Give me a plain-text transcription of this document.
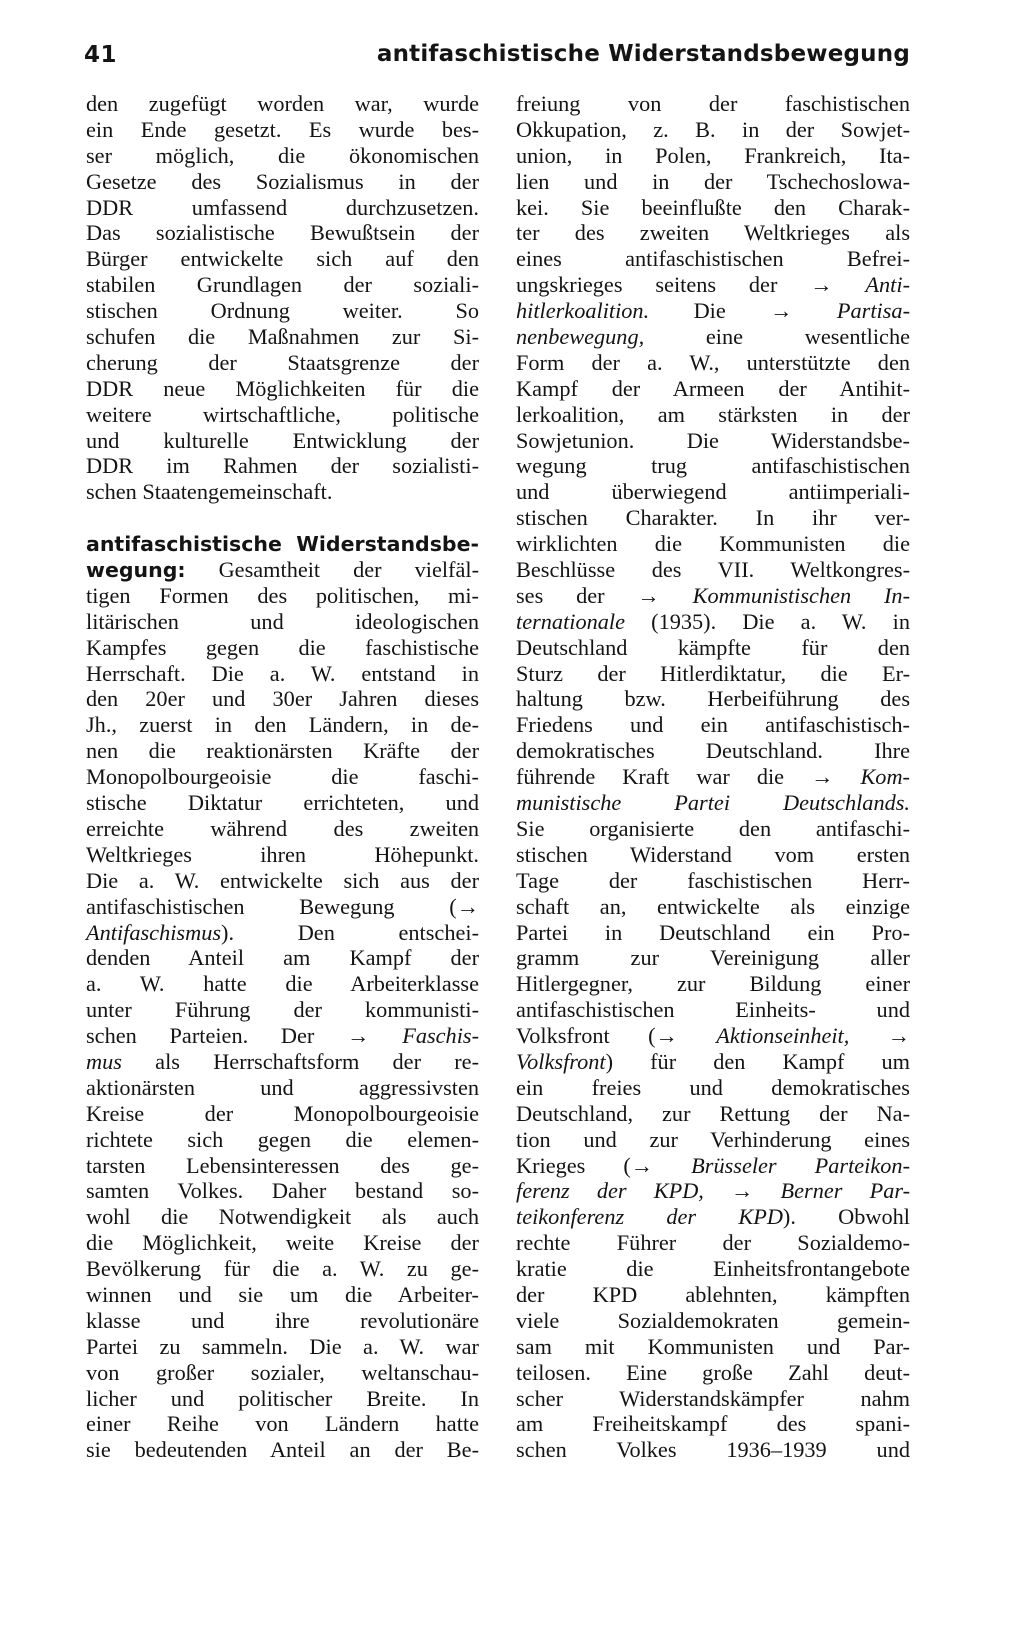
41	antifaschistische Widerstandsbewegung
den zugefügt worden war, wurde
ein Ende gesetzt. Es wurde bes-
ser möglich, die ökonomischen
Gesetze des Sozialismus in der
DDR umfassend durchzusetzen.
Das sozialistische Bewußtsein der
Bürger entwickelte sich auf den
stabilen Grundlagen der soziali-
stischen Ordnung weiter. So
schufen die Maßnahmen zur Si-
cherung der Staatsgrenze der
DDR neue Möglichkeiten für die
weitere wirtschaftliche, politische
und kulturelle Entwicklung der
DDR im Rahmen der sozialisti-
schen Staatengemeinschaft.
antifaschistische Widerstandsbe-
wegung: Gesamtheit der vielfäl-
tigen Formen des politischen, mi-
litärischen und ideologischen
Kampfes gegen die faschistische
Herrschaft. Die a. W. entstand in
den 20er und 30er Jahren dieses
Jh., zuerst in den Ländern, in de-
nen die reaktionärsten Kräfte der
Monopolbourgeoisie die faschi-
stische Diktatur errichteten, und
erreichte während des zweiten
Weltkrieges ihren Höhepunkt.
Die a. W. entwickelte sich aus der
antifaschistischen Bewegung (→
Antifaschismus). Den entschei-
denden Anteil am Kampf der
a. W. hatte die Arbeiterklasse
unter Führung der kommunisti-
schen Parteien. Der → Faschis-
mus als Herrschaftsform der re-
aktionärsten und aggressivsten
Kreise der Monopolbourgeoisie
richtete sich gegen die elemen-
tarsten Lebensinteressen des ge-
samten Volkes. Daher bestand so-
wohl die Notwendigkeit als auch
die Möglichkeit, weite Kreise der
Bevölkerung für die a. W. zu ge-
winnen und sie um die Arbeiter-
klasse und ihre revolutionäre
Partei zu sammeln. Die a. W. war
von großer sozialer, weltanschau-
licher und politischer Breite. In
einer Reihe von Ländern hatte
sie bedeutenden Anteil an der Be-
freiung von der faschistischen
Okkupation, z. B. in der Sowjet-
union, in Polen, Frankreich, Ita-
lien und in der Tschechoslowa-
kei. Sie beeinflußte den Charak-
ter des zweiten Weltkrieges als
eines antifaschistischen Befrei-
ungskrieges seitens der → Anti-
hitlerkoalition. Die → Partisa-
nenbewegung, eine wesentliche
Form der a. W., unterstützte den
Kampf der Armeen der Antihit-
lerkoalition, am stärksten in der
Sowjetunion. Die Widerstandsbe-
wegung trug antifaschistischen
und überwiegend antiimperiali-
stischen Charakter. In ihr ver-
wirklichten die Kommunisten die
Beschlüsse des VII. Weltkongres-
ses der → Kommunistischen In-
ternationale (1935). Die a. W. in
Deutschland kämpfte für den
Sturz der Hitlerdiktatur, die Er-
haltung bzw. Herbeiführung des
Friedens und ein antifaschistisch-
demokratisches Deutschland. Ihre
führende Kraft war die → Kom-
munistische Partei Deutschlands.
Sie organisierte den antifaschi-
stischen Widerstand vom ersten
Tage der faschistischen Herr-
schaft an, entwickelte als einzige
Partei in Deutschland ein Pro-
gramm zur Vereinigung aller
Hitlergegner, zur Bildung einer
antifaschistischen Einheits- und
Volksfront (→ Aktionseinheit, →
Volksfront) für den Kampf um
ein freies und demokratisches
Deutschland, zur Rettung der Na-
tion und zur Verhinderung eines
Krieges (→ Brüsseler Parteikon-
ferenz der KPD, → Berner Par-
teikonferenz der KPD). Obwohl
rechte Führer der Sozialdemo-
kratie die Einheitsfrontangebote
der KPD ablehnten, kämpften
viele Sozialdemokraten gemein-
sam mit Kommunisten und Par-
teilosen. Eine große Zahl deut-
scher Widerstandskämpfer nahm
am Freiheitskampf des spani-
schen Volkes 1936–1939 und
